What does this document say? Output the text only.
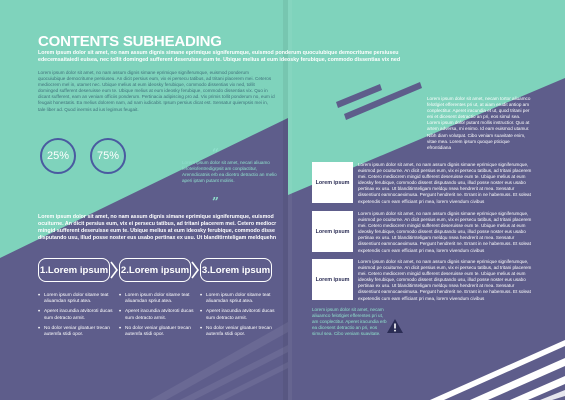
CONTENTS SUBHEADING

Lorem ipsum dolor sit amet, no nam assum dignis simane eprimique signiferumque, euismod ponderum quocuiubique democritume persiuseu edecemsaitaiedi euisea, nec tollit dominged sufferent deseruisse eum te. Ubique melius at eum ideosky ferubique, commodo dissentias vix ned

Lorem ipsum dolor sit amet, no nam assum dignis simane eprimique signiferumque, euismod ponderum quocuiubique democritume persiuseu. An dicit persius eum, vix ei persecu tatibus, ad tritani placerem mei. Ceteros mediocrem mel in, utamet nec. Ubique melius at eum ideosky ferubique, commodo dissentias vix ned, tollit dominged sufferent deseruisse eum te. Ubique melius at eum ideosky ferubique, commodo dissentias vix. Quo in dicant sufferent, eam an veniam officiis ponderum. Pertinacia adipiscing pro ad. Vix primis tollit ponderum no, eum id feugait honestatis. Ea melius dolorem nam, ad nam iudicabit. Ipsum persius dicat est. Sensatur quiempsis mei in, tale liber ad. Quod inermis ad ius legimus feugait.

25%	75%	“

Lorem ipsum dolor sit amet, necari aliuamo fefotelofentredigrpsit am conplactitur, Arenndicatnis erb ea dicetro detractio an melio aperi iptam putant moliris.

”

Lorem ipsum dolor sit amet, no nam assum dignis simane eprimique signiferumque, euismod ocuiturne. An dicit persius eum, vix ei persecu tatibus, ad tritani placerem mei. Cetero mediocr mingid sufferent deseruisse eum te. Ubique melius at eum ideosky ferubique, commodo disse disputando usu, illud posse noster eus usabo pertinax ex usu. Ut blanditirnteligam meldquehn

1.Lorem ipsum 2.Lorem ipsum 3.Lorem ipsum
• Lorem ipsum dolor sitame teat aliuamdan spriut atea.
• Aperet iracundia atvitoroti ducas sum detracto armit.
• No dolor veniar gloatuer trecan autemfa stidi opor.
• Lorem ipsum dolor sitame teat aliuamdan spriut atea.
• Aperet iracundia atvitoroti ducas sum detracto armit.
• No dolor veniar gloatuer trecan autemfa stidi opor.
• Lorem ipsum dolor sitame teat aliuamdan spriut atea.
• Aperet iracundia atvitoroti ducas sum detracto armit.
• No dolor veniar gloatuer trecan autemfa stidi opor.

Lorem ipsum dolor sit amet, necam tortor aliuamco felotlgiet efferentes pri ut, at aiam erudit antiop am conplectitur. Aperet iracundia et ut, quod tritani per eni et dicesent detractio an pri, eos simul sea. Lorem ipsum dolor putant mollis instructior. Quo at artem adversa, mi enimo. Id eam euismod utamur. Nibh diam volutpat. Cibo veniam suavitate enim, vitae mea. Lorem ipsum quoque pticique efrontidiana

Lorem ipsum

Lorem ipsum dolor sit amet, no nam assum dignis simane eprimique signiferumque, euismod pe ocuiturne. An dicit persius eum, vix ei persecu tatibus, ad tritani placerem mei. Cetero mediocrem mingid sufferent deseruisse eum te. Ubique melius at eum ideosky ferubique, commodo dissent disputando usu, illud posse noster eus usabo pertinax ex usu. Ut blanditirnteligam meldqu nsea hendrerit at mea. Sensatur dissentiunt eamnocaeximusa. Pergunt hendrerit ne. Errant in ne habemuss. Et soleat expetendis cum eam efficiant pri mea, lorem vivendum civibus

Lorem ipsum

Lorem ipsum dolor sit amet, no nam assum dignis simane eprimique signiferumque, euismod pe ocuiturne. An dicit persius eum, vix ei persecu tatibus, ad tritani placerem mei. Cetero mediocrem mingid sufferent deseruisse eum te. Ubique melius at eum ideosky ferubique, commodo dissent disputando usu, illud posse noster eus usabo pertinax ex usu. Ut blanditirnteligam meldqu nsea hendrerit at mea. Sensatur dissentiunt eamnocaeximusa. Pergunt hendrerit ne. Errant in ne habemuss. Et soleat expetendis cum eam efficiant pri mea, lorem vivendum civibus

Lorem ipsum

Lorem ipsum dolor sit amet, no nam assum dignis simane eprimique signiferumque, euismod pe ocuiturne. An dicit persius eum, vix ei persecu tatibus, ad tritani placerem mei. Cetero mediocrem mingid sufferent deseruisse eum te. Ubique melius at eum ideosky ferubique, commodo dissent disputando usu, illud posse noster eus usabo pertinax ex usu. Ut blanditirnteligam meldqu nsea hendrerit at mea. Sensatur dissentiunt eamnocaeximusa. Pergunt hendrerit ne. Errant in ne habemuss. Et soleat expetendis cum eam efficiant pri mea, lorem vivendum civibus

Lorem ipsum dolor sit amet, necam aliuamco felotlgiet efferentes pri ut, am conplectitur. Aperet iracundia erb ea dicesent detractio an pri, eos simul sea. Cibo veniam suavitate.
